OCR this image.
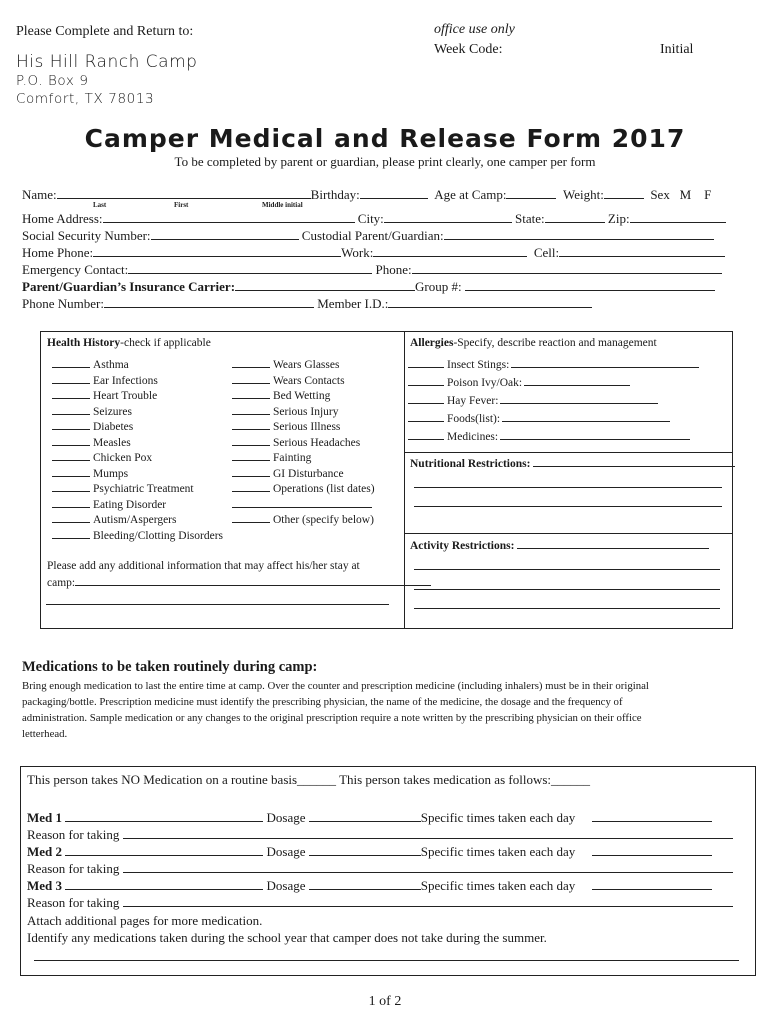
Please Complete and Return to:
His Hill Ranch Camp
P.O. Box 9
Comfort, TX 78013
office use only
Week Code:	Initial
Camper Medical and Release Form 2017
To be completed by parent or guardian, please print clearly, one camper per form
Name:	Birthday:	Age at Camp:	Weight:	Sex M F
Last	First	Middle initial
Home Address:	City:	State:	Zip:
Social Security Number:	Custodial Parent/Guardian:
Home Phone:	Work:	Cell:
Emergency Contact:	Phone:
Parent/Guardian’s Insurance Carrier:	Group #:
Phone Number:	Member I.D.:
Health History-check if applicable
Asthma
Ear Infections
Heart Trouble
Seizures
Diabetes
Measles
Chicken Pox
Mumps
Psychiatric Treatment
Eating Disorder
Autism/Aspergers
Bleeding/Clotting Disorders
Wears Glasses
Wears Contacts
Bed Wetting
Serious Injury
Serious Illness
Serious Headaches
Fainting
GI Disturbance
Operations (list dates)
Other (specify below)
Please add any additional information that may affect his/her stay at
camp:
Allergies-Specify, describe reaction and management
Insect Stings:
Poison Ivy/Oak:
Hay Fever:
Foods(list):
Medicines:
Nutritional Restrictions:
Activity Restrictions:
Medications to be taken routinely during camp:
Bring enough medication to last the entire time at camp. Over the counter and prescription medicine (including inhalers) must be in their original
packaging/bottle. Prescription medicine must identify the prescribing physician, the name of the medicine, the dosage and the frequency of
administration. Sample medication or any changes to the original prescription require a note written by the prescribing physician on their office
letterhead.
This person takes NO Medication on a routine basis______ This person takes medication as follows:______
Med 1	Dosage	Specific times taken each day
Reason for taking
Med 2	Dosage	Specific times taken each day
Reason for taking
Med 3	Dosage	Specific times taken each day
Reason for taking
Attach additional pages for more medication.
Identify any medications taken during the school year that camper does not take during the summer.
1 of 2
